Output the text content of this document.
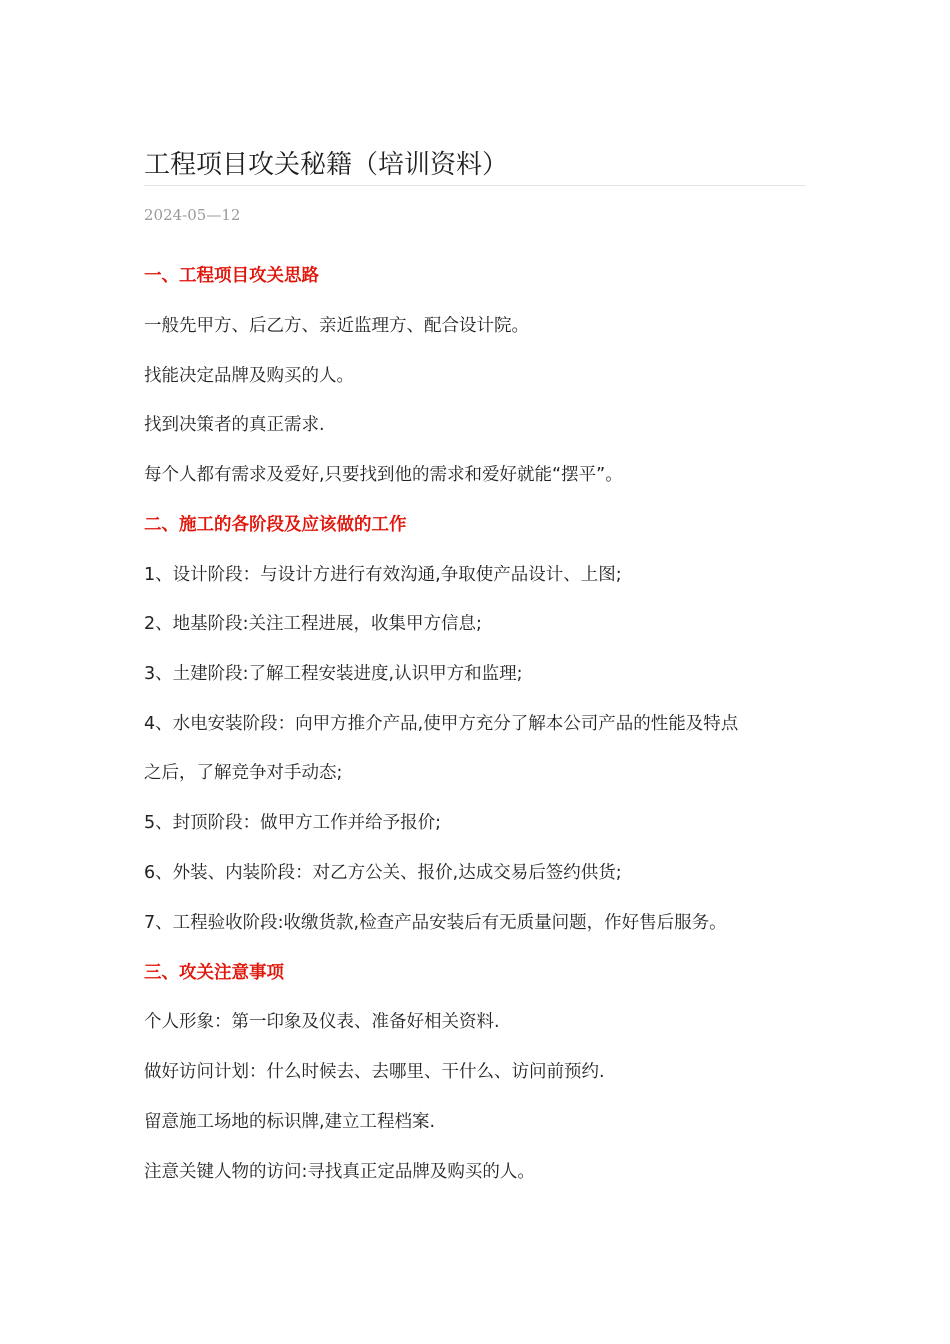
工程项目攻关秘籍（培训资料）
2024-05—12
一、工程项目攻关思路
一般先甲方、后乙方、亲近监理方、配合设计院。
找能决定品牌及购买的人。
找到决策者的真正需求.
每个人都有需求及爱好,只要找到他的需求和爱好就能“摆平”。
二、施工的各阶段及应该做的工作
1、设计阶段：与设计方进行有效沟通,争取使产品设计、上图;
2、地基阶段:关注工程进展，收集甲方信息;
3、土建阶段:了解工程安装进度,认识甲方和监理;
4、水电安装阶段：向甲方推介产品,使甲方充分了解本公司产品的性能及特点
之后，了解竞争对手动态;
5、封顶阶段：做甲方工作并给予报价;
6、外装、内装阶段：对乙方公关、报价,达成交易后签约供货;
7、工程验收阶段:收缴货款,检查产品安装后有无质量问题，作好售后服务。
三、攻关注意事项
个人形象：第一印象及仪表、准备好相关资料.
做好访问计划：什么时候去、去哪里、干什么、访问前预约.
留意施工场地的标识牌,建立工程档案.
注意关键人物的访问:寻找真正定品牌及购买的人。
